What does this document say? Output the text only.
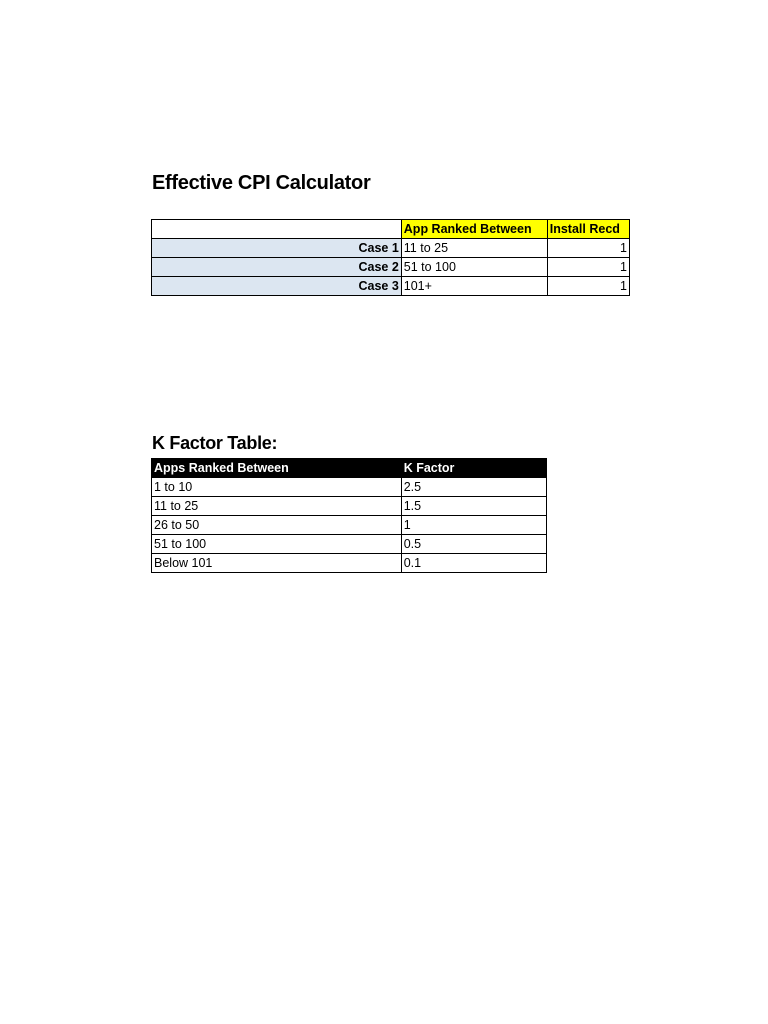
Effective CPI Calculator
	App Ranked Between	Install Recd
Case 1	11 to 25	1
Case 2	51 to 100	1
Case 3	101+	1
K Factor Table:
Apps Ranked Between	K Factor
1 to 10	2.5
11 to 25	1.5
26 to 50	1
51 to 100	0.5
Below 101	0.1
